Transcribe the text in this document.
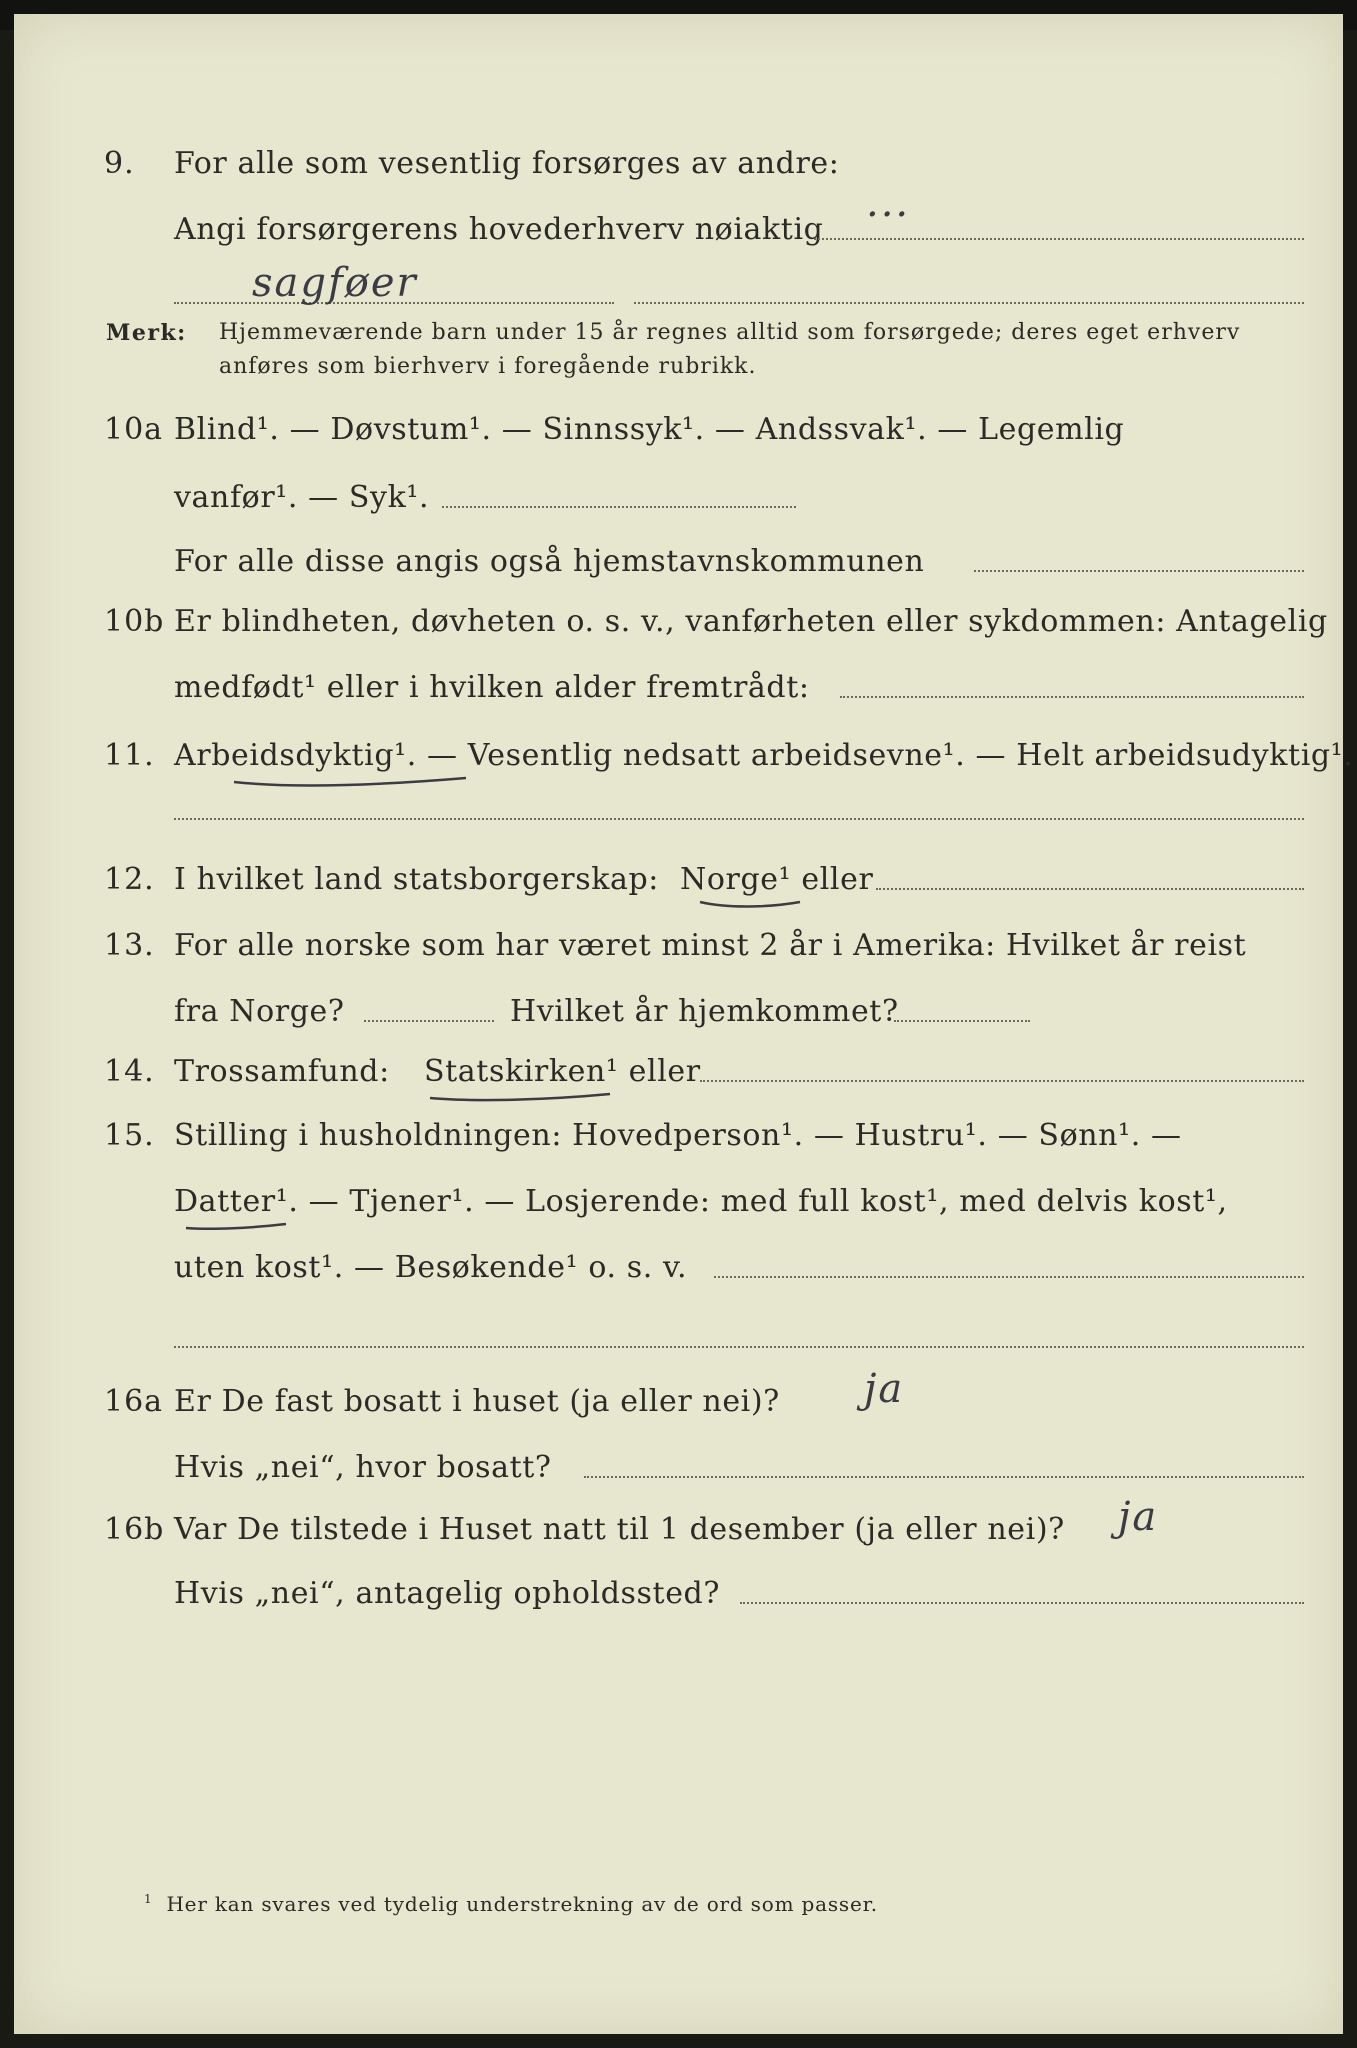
9. For alle som vesentlig forsørges av andre:
Angi forsørgerens hovederhverv nøiaktig
...
sagføer
Merk: Hjemmeværende barn under 15 år regnes alltid som forsørgede; deres eget erhverv
anføres som bierhverv i foregående rubrikk.
10a Blind¹. — Døvstum¹. — Sinnssyk¹. — Andssvak¹. — Legemlig
vanfør¹. — Syk¹.
For alle disse angis også hjemstavnskommunen
10b Er blindheten, døvheten o. s. v., vanførheten eller sykdommen: Antagelig
medfødt¹ eller i hvilken alder fremtrådt:
11. Arbeidsdyktig¹. — Vesentlig nedsatt arbeidsevne¹. — Helt arbeidsudyktig¹.
12. I hvilket land statsborgerskap: Norge¹ eller
13. For alle norske som har været minst 2 år i Amerika: Hvilket år reist
fra Norge?	Hvilket år hjemkommet?
14. Trossamfund: Statskirken¹ eller
15. Stilling i husholdningen: Hovedperson¹. — Hustru¹. — Sønn¹. —
Datter¹. — Tjener¹. — Losjerende: med full kost¹, med delvis kost¹,
uten kost¹. — Besøkende¹ o. s. v.
16a Er De fast bosatt i huset (ja eller nei)? ja
Hvis „nei“, hvor bosatt?
16b Var De tilstede i Huset natt til 1 desember (ja eller nei)? ja
Hvis „nei“, antagelig opholdssted?
$^1$ Her kan svares ved tydelig understrekning av de ord som passer.
